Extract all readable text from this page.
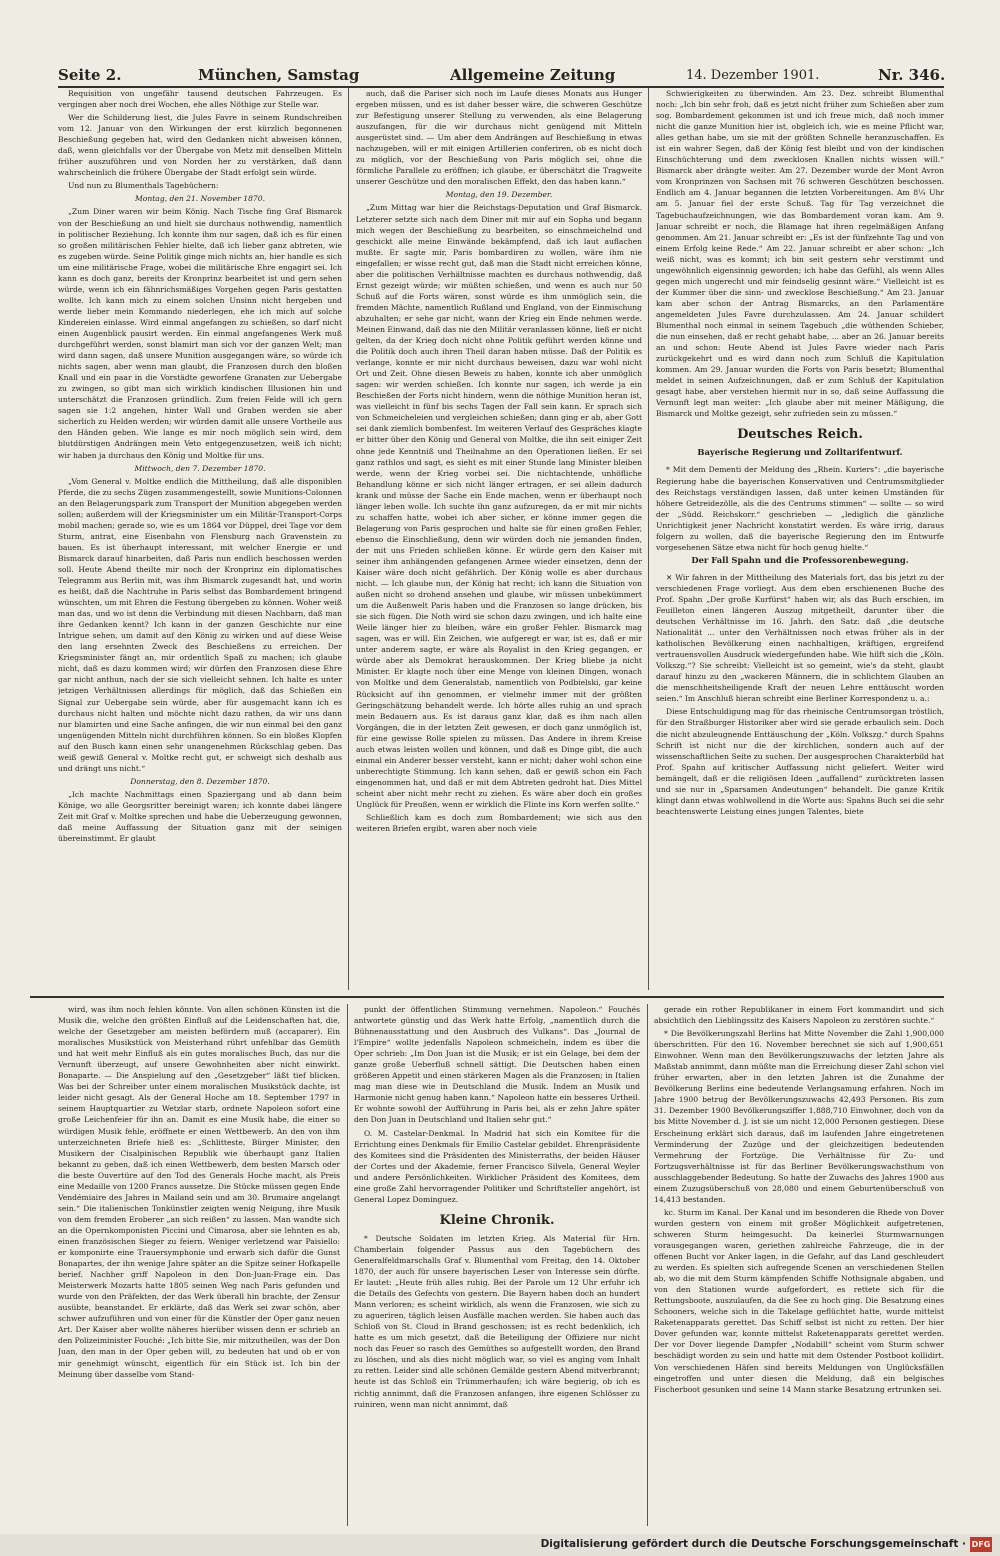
Seite 2.	München, Samstag	Allgemeine Zeitung	14. Dezember 1901.	Nr. 346.

Requisition von ungefähr tausend deutschen Fahrzeugen. Es vergingen aber noch drei Wochen, ehe alles Nöthige zur Stelle war.

Wer die Schilderung liest, die Jules Favre in seinem Rundschreiben vom 12. Januar von den Wirkungen der erst kürzlich begonnenen Beschießung gegeben hat, wird den Gedanken nicht abweisen können, daß, wenn gleichfalls vor der Übergabe von Metz mit denselben Mitteln früher auszuführen und von Norden her zu verstärken, daß dann wahrscheinlich die frühere Übergabe der Stadt erfolgt sein würde.

Und nun zu Blumenthals Tagebüchern:

Montag, den 21. November 1870.

„Zum Diner waren wir beim König. Nach Tische fing Graf Bismarck von der Beschießung an und hielt sie durchaus nothwendig, namentlich in politischer Beziehung. Ich konnte ihm nur sagen, daß ich es für einen so großen militärischen Fehler hielte, daß ich lieber ganz abtreten, wie es zugeben würde. Seine Politik ginge mich nichts an, hier handle es sich um eine militärische Frage, wobei die militärische Ehre engagirt sei. Ich kann es doch ganz, bereits der Kronprinz bearbeitet ist und gern sehen würde, wenn ich ein fähnrichsmäßiges Vorgehen gegen Paris gestatten wollte. Ich kann mich zu einem solchen Unsinn nicht hergeben und werde lieber mein Kommando niederlegen, ehe ich mich auf solche Kindereien einlasse. Wird einmal angefangen zu schießen, so darf nicht einen Augenblick pausirt werden. Ein einmal angefangenes Werk muß durchgeführt werden, sonst blamirt man sich vor der ganzen Welt; man wird dann sagen, daß unsere Munition ausgegangen wäre, so würde ich nichts sagen, aber wenn man glaubt, die Franzosen durch den bloßen Knall und ein paar in die Vorstädte geworfene Granaten zur Uebergabe zu zwingen, so gibt man sich wirklich kindischen Illusionen hin und unterschätzt die Franzosen gründlich. Zum freien Felde will ich gern sagen sie 1:2 angehen, hinter Wall und Graben werden sie aber sicherlich zu Helden werden; wir würden damit alle unsere Vortheile aus den Händen geben. Wie lange es mir noch möglich sein wird, dem blutdürstigen Andrängen mein Veto entgegenzusetzen, weiß ich nicht; wir haben ja durchaus den König und Moltke für uns.

Mittwoch, den 7. Dezember 1870.

„Vom General v. Moltke endlich die Mittheilung, daß alle disponiblen Pferde, die zu sechs Zügen zusammengestellt, sowie Munitions-Colonnen an den Belagerungspark zum Transport der Munition abgegeben werden sollen; außerdem will der Kriegsminister um ein Militär-Transport-Corps mobil machen; gerade so, wie es um 1864 vor Düppel, drei Tage vor dem Sturm, antrat, eine Eisenbahn von Flensburg nach Gravenstein zu bauen. Es ist überhaupt interessant, mit welcher Energie er und Bismarck darauf hinarbeiten, daß Paris nun endlich beschossen werden soll. Heute Abend theilte mir noch der Kronprinz ein diplomatisches Telegramm aus Berlin mit, was ihm Bismarck zugesandt hat, und worin es heißt, daß die Nachtruhe in Paris selbst das Bombardement bringend wünschten, um mit Ehren die Festung übergeben zu können. Woher weiß man das, und wo ist denn die Verbindung mit diesen Nachbarn, daß man ihre Gedanken kennt? Ich kann in der ganzen Geschichte nur eine Intrigue sehen, um damit auf den König zu wirken und auf diese Weise den lang ersehnten Zweck des Beschießens zu erreichen. Der Kriegsminister fängt an, mir ordentlich Spaß zu machen; ich glaube nicht, daß es dazu kommen wird; wir dürfen den Franzosen diese Ehre gar nicht anthun, nach der sie sich vielleicht sehnen. Ich halte es unter jetzigen Verhältnissen allerdings für möglich, daß das Schießen ein Signal zur Uebergabe sein würde, aber für ausgemacht kann ich es durchaus nicht halten und möchte nicht dazu rathen, da wir uns dann nur blamirten und eine Sache anfingen, die wir nun einmal bei den ganz ungenügenden Mitteln nicht durchführen können. So ein bloßes Klopfen auf den Busch kann einen sehr unangenehmen Rückschlag geben. Das weiß gewiß General v. Moltke recht gut, er schweigt sich deshalb aus und drängt uns nicht.“

Donnerstag, den 8. Dezember 1870.

„Ich machte Nachmittags einen Spaziergang und ab dann beim Könige, wo alle Georgsritter bereinigt waren; ich konnte dabei längere Zeit mit Graf v. Moltke sprechen und habe die Ueberzeugung gewonnen, daß meine Auffassung der Situation ganz mit der seinigen übereinstimmt. Er glaubt

auch, daß die Pariser sich noch im Laufe dieses Monats aus Hunger ergeben müssen, und es ist daher besser wäre, die schweren Geschütze zur Befestigung unserer Stellung zu verwenden, als eine Belagerung auszufangen, für die wir durchaus nicht genügend mit Mitteln ausgerüstet sind. — Um aber dem Andrängen auf Beschießung in etwas nachzugeben, will er mit einigen Artillerien conferiren, ob es nicht doch zu möglich, vor der Beschießung von Paris möglich sei, ohne die förmliche Parallele zu eröffnen; ich glaube, er überschätzt die Tragweite unserer Geschütze und den moralischen Effekt, den das haben kann.“

Montag, den 19. Dezember.

„Zum Mittag war hier die Reichstags-Deputation und Graf Bismarck. Letzterer setzte sich nach dem Diner mit mir auf ein Sopha und begann mich wegen der Beschießung zu bearbeiten, so einschmeichelnd und geschickt alle meine Einwände bekämpfend, daß ich laut auflachen mußte. Er sagte mir, Paris bombardiren zu wollen, wäre ihm nie eingefallen; er wisse recht gut, daß man die Stadt nicht erreichen könne, aber die politischen Verhältnisse machten es durchaus nothwendig, daß Ernst gezeigt würde; wir müßten schießen, und wenn es auch nur 50 Schuß auf die Forts wären, sonst würde es ihm unmöglich sein, die fremden Mächte, namentlich Rußland und England, von der Einmischung abzuhalten; er sehe gar nicht, wann der Krieg ein Ende nehmen werde. Meinen Einwand, daß das nie den Militär veranlassen könne, ließ er nicht gelten, da der Krieg doch nicht ohne Politik geführt werden könne und die Politik doch auch ihren Theil daran haben müsse. Daß der Politik es verlange, konnte er mir nicht durchaus beweisen, dazu war wohl nicht Ort und Zeit. Ohne diesen Beweis zu haben, konnte ich aber unmöglich sagen: wir werden schießen. Ich konnte nur sagen, ich werde ja ein Beschießen der Forts nicht hindern, wenn die nöthige Munition heran ist, was vielleicht in fünf bis sechs Tagen der Fall sein kann. Er sprach sich von Schmeicheleien und vergleichen schießen; dann ging er ab, aber Gott sei dank ziemlich bombenfest. Im weiteren Verlauf des Gespräches klagte er bitter über den König und General von Moltke, die ihn seit einiger Zeit ohne jede Kenntniß und Theilnahme an den Operationen ließen. Er sei ganz rathlos und sagt, es sieht es mit einer Stunde lang Minister bleiben werde, wenn der Krieg vorbei sei. Die nichtachtende, unhöfliche Behandlung könne er sich nicht länger ertragen, er sei allein dadurch krank und müsse der Sache ein Ende machen, wenn er überhaupt noch länger leben wolle. Ich suchte ihn ganz aufzuregen, da er mit mir nichts zu schaffen hatte, wobei ich aber sicher, er könne immer gegen die Belagerung von Paris gesprochen und halte sie für einen großen Fehler, ebenso die Einschließung, denn wir würden doch nie jemanden finden, der mit uns Frieden schließen könne. Er würde gern den Kaiser mit seiner ihm anhängenden gefangenen Armee wieder einsetzen, denn der Kaiser wäre doch nicht gefährlich. Der König wolle es aber durchaus nicht. — Ich glaube nun, der König hat recht; ich kann die Situation von außen nicht so drohend ansehen und glaube, wir müssen unbekümmert um die Außenwelt Paris haben und die Franzosen so lange drücken, bis sie sich fügen. Die Noth wird sie schon dazu zwingen, und ich halte eine Weile länger hier zu bleiben, wäre ein großer Fehler. Bismarck mag sagen, was er will. Ein Zeichen, wie aufgeregt er war, ist es, daß er mir unter anderem sagte, er wäre als Royalist in den Krieg gegangen, er würde aber als Demokrat herauskommen. Der Krieg bliebe ja nicht Minister. Er klagte noch über eine Menge von kleinen Dingen, wonach von Moltke und dem Generalstab, namentlich von Podbielski, gar keine Rücksicht auf ihn genommen, er vielmehr immer mit der größten Geringschätzung behandelt werde. Ich hörte alles ruhig an und sprach mein Bedauern aus. Es ist daraus ganz klar, daß es ihm nach allen Vorgängen, die in der letzten Zeit gewesen, er doch ganz unmöglich ist, für eine gewisse Rolle spielen zu müssen. Das Andere in ihrem Kreise auch etwas leisten wollen und können, und daß es Dinge gibt, die auch einmal ein Anderer besser versteht, kann er nicht; daher wohl schon eine unberechtigte Stimmung. Ich kann sehen, daß er gewiß schon ein Fach eingenommen hat, und daß er mit dem Abtreten gedroht hat. Dies Mittel scheint aber nicht mehr recht zu ziehen. Es wäre aber doch ein großes Unglück für Preußen, wenn er wirklich die Flinte ins Korn werfen sollte.“

Schließlich kam es doch zum Bombardement; wie sich aus den weiteren Briefen ergibt, waren aber noch viele

Schwierigkeiten zu überwinden. Am 23. Dez. schreibt Blumenthal noch: „Ich bin sehr froh, daß es jetzt nicht früher zum Schießen aber zum sog. Bombardement gekommen ist und ich freue mich, daß noch immer nicht die ganze Munition hier ist, obgleich ich, wie es meine Pflicht war, alles gethan habe, um sie mit der größten Schnelle heranzuschaffen. Es ist ein wahrer Segen, daß der König fest bleibt und von der kindischen Einschüchterung und dem zwecklosen Knallen nichts wissen will.“ Bismarck aber drängte weiter. Am 27. Dezember wurde der Mont Avron vom Kronprinzen von Sachsen mit 76 schweren Geschützen beschossen. Endlich am 4. Januar begannen die letzten Vorbereitungen. Am 8¼ Uhr am 5. Januar fiel der erste Schuß. Tag für Tag verzeichnet die Tagebuchaufzeichnungen, wie das Bombardement voran kam. Am 9. Januar schreibt er noch, die Blamage hat ihren regelmäßigen Anfang genommen. Am 21. Januar schreibt er: „Es ist der fünfzehnte Tag und von einem Erfolg keine Rede.“ Am 22. Januar schreibt er aber schon: „Ich weiß nicht, was es kommt; ich bin seit gestern sehr verstimmt und ungewöhnlich eigensinnig geworden; ich habe das Gefühl, als wenn Alles gegen mich ungerecht und mir feindselig gesinnt wäre.“ Vielleicht ist es der Kummer über die sinn- und zwecklose Beschießung.“ Am 23. Januar kam aber schon der Antrag Bismarcks, an den Parlamentäre angemeldeten Jules Favre durchzulassen. Am 24. Januar schildert Blumenthal noch einmal in seinem Tagebuch „die wüthenden Schieber, die nun einsehen, daß er recht gehabt habe, ... aber an 26. Januar bereits an und schon: Heute Abend ist Jules Favre wieder nach Paris zurückgekehrt und es wird dann noch zum Schluß die Kapitulation kommen. Am 29. Januar wurden die Forts von Paris besetzt; Blumenthal meldet in seinen Aufzeichnungen, daß er zum Schluß der Kapitulation gesagt habe, aber verstehen hiermit nur in so, daß seine Auffassung die Vernunft legt man weiter: „Ich glaube aber mit meiner Mäßigung, die Bismarck und Moltke gezeigt, sehr zufrieden sein zu müssen.“

Deutsches Reich.

Bayerische Regierung und Zolltarifentwurf.

* Mit dem Dementi der Meldung des „Rhein. Kuriers“: „die bayerische Regierung habe die bayerischen Konservativen und Centrumsmitglieder des Reichstags verständigen lassen, daß unter keinen Umständen für höhere Getreidezölle, als die des Centrums stimmen“ — sollte — so wird der „Südd. Reichskorr.“ geschrieben — „lediglich die gänzliche Unrichtigkeit jener Nachricht konstatirt werden. Es wäre irrig, daraus folgern zu wollen, daß die bayerische Regierung den im Entwurfe vorgesehenen Sätze etwa nicht für hoch genug hielte.“

Der Fall Spahn und die Professorenbewegung.

✕ Wir fahren in der Mittheilung des Materials fort, das bis jetzt zu der verschiedenen Frage vorliegt. Aus dem eben erschienenen Buche des Prof. Spahn „Der große Kurfürst“ haben wir, als das Buch erschien, im Feuilleton einen längeren Auszug mitgetheilt, darunter über die deutschen Verhältnisse im 16. Jahrh. den Satz: daß „die deutsche Nationalität ... unter den Verhältnissen noch etwas früher als in der katholischen Bevölkerung einen nachhaltigen, kräftigen, ergreifend vertrauensvollen Ausdruck wiedergefunden habe. Wie hilft sich die „Köln. Volkszg.“? Sie schreibt: Vielleicht ist so gemeint, wie's da steht, glaubt darauf hinzu zu den „wackeren Männern, die in schlichtem Glauben an die menschheitsheiligende Kraft der neuen Lehre enttäuscht worden seien.“ Im Anschluß hieran schreibt eine Berliner Korrespondenz u. a.:

Diese Entschuldigung mag für das rheinische Centrumsorgan tröstlich, für den Straßburger Historiker aber wird sie gerade erbaulich sein. Doch die nicht abzuleugnende Enttäuschung der „Köln. Volkszg.“ durch Spahns Schrift ist nicht nur die der kirchlichen, sondern auch auf der wissenschaftlichen Seite zu suchen. Der ausgesprochen Charakterbild hat Prof. Spahn auf kritischer Auffassung nicht geliefert. Weiter wird bemängelt, daß er die religiösen Ideen „auffallend“ zurücktreten lassen und sie nur in „Sparsamen Andeutungen“ behandelt. Die ganze Kritik klingt dann etwas wohlwollend in die Worte aus: Spahns Buch sei die sehr beachtenswerte Leistung eines jungen Talentes, biete

wird, was ihm noch fehlen könnte. Von allen schönen Künsten ist die Musik die, welche den größten Einfluß auf die Leidenschaften hat, die, welche der Gesetzgeber am meisten befördern muß (accaparer). Ein moralisches Musikstück von Meisterhand rührt unfehlbar das Gemüth und hat weit mehr Einfluß als ein gutes moralisches Buch, das nur die Vernunft überzeugt, auf unsere Gewohnheiten aber nicht einwirkt. Bonaparte. — Die Anspielung auf den „Gesetzgeber“ läßt tief blicken. Was bei der Schreiber unter einem moralischen Musikstück dachte, ist leider nicht gesagt. Als der General Hoche am 18. September 1797 in seinem Hauptquartier zu Wetzlar starb, ordnete Napoleon sofort eine große Leichenfeier für ihn an. Damit es eine Musik habe, die einer so würdigen Musik fehle, eröffnete er einen Wettbewerb. An den von ihm unterzeichneten Briefe hieß es: „Schlitteste, Bürger Minister, den Musikern der Cisalpinischen Republik wie überhaupt ganz Italien bekannt zu geben, daß ich einen Wettbewerb, dem besten Marsch oder die beste Ouvertüre auf den Tod des Generals Hoche macht, als Preis eine Medaille von 1200 Francs aussetze. Die Stücke müssen gegen Ende Vendémiaire des Jahres in Mailand sein und am 30. Brumaire angelangt sein.“ Die italienischen Tonkünstler zeigten wenig Neigung, ihre Musik von dem fremden Eroberer „an sich reißen“ zu lassen. Man wandte sich an die Opernkomponisten Piccini und Cimarosa, aber sie lehnten es ab, einen französischen Sieger zu feiern. Weniger verletzend war Paisiello: er komponirte eine Trauersymphonie und erwarb sich dafür die Gunst Bonapartes, der ihn wenige Jahre später an die Spitze seiner Hofkapelle berief. Nachher griff Napoleon in den Don-Juan-Frage ein. Das Meisterwerk Mozarts hatte 1805 seinen Weg nach Paris gefunden und wurde von den Präfekten, der das Werk überall hin brachte, der Zensur ausübte, beanstandet. Er erklärte, daß das Werk sei zwar schön, aber schwer aufzuführen und von einer für die Künstler der Oper ganz neuen Art. Der Kaiser aber wollte näheres hierüber wissen denn er schrieb an den Polizeiminister Fouché: „Ich bitte Sie, mir mitzutheilen, was der Don Juan, den man in der Oper geben will, zu bedeuten hat und ob er von mir genehmigt wünscht, eigentlich für ein Stück ist. Ich bin der Meinung über dasselbe vom Stand-

punkt der öffentlichen Stimmung vernehmen. Napoleon.“ Fouchés antwortete günstig und das Werk hatte Erfolg, „namentlich durch die Bühnenausstattung und den Ausbruch des Vulkans“. Das „Journal de l'Empire“ wollte jedenfalls Napoleon schmeicheln, indem es über die Oper schrieb: „Im Don Juan ist die Musik; er ist ein Gelage, bei dem der ganze große Ueberfluß schnell sättigt. Die Deutschen haben einen größeren Appetit und einen stärkeren Magen als die Franzosen; in Italien mag man diese wie in Deutschland die Musik. Indem an Musik und Harmonie nicht genug haben kann.“ Napoleon hatte ein besseres Urtheil. Er wohnte sowohl der Aufführung in Paris bei, als er zehn Jahre später den Don Juan in Deutschland und Italien sehr gut.“

O. M. Castelar-Denkmal. In Madrid hat sich ein Komitee für die Errichtung eines Denkmals für Emilio Castelar gebildet. Ehrenpräsidente des Komitees sind die Präsidenten des Ministerraths, der beiden Häuser der Cortes und der Akademie, ferner Francisco Silvela, General Weyler und andere Persönlichkeiten. Wirklicher Präsident des Komitees, dem eine große Zahl hervorragender Politiker und Schriftsteller angehört, ist General Lopez Dominguez.

Kleine Chronik.

* Deutsche Soldaten im letzten Krieg. Als Material für Hrn. Chamberlain folgender Passus aus den Tagebüchern des Generalfeldmarschalls Graf v. Blumenthal vom Freitag, den 14. Oktober 1870, der auch für unsere bayerischen Leser von Interesse sein dürfte. Er lautet: „Heute früh alles ruhig. Bei der Parole um 12 Uhr erfuhr ich die Details des Gefechts von gestern. Die Bayern haben doch an hundert Mann verloren; es scheint wirklich, als wenn die Franzosen, wie sich zu zu agueriren, täglich leisen Ausfälle machen werden. Sie haben auch das Schloß von St. Cloud in Brand geschossen; ist es recht bedenklich, ich hatte es um mich gesetzt, daß die Beteiligung der Offiziere nur nicht noch das Feuer so rasch des Gemüthes so aufgestellt worden, den Brand zu löschen, und als dies nicht möglich war, so viel es anging vom Inhalt zu retten. Leider sind alle schönen Gemälde gestern Abend mitverbrannt; heute ist das Schloß ein Trümmerhaufen; ich wäre begierig, ob ich es richtig annimmt, daß die Franzosen anfangen, ihre eigenen Schlösser zu ruiniren, wenn man nicht annimmt, daß

gerade ein rother Republikaner in einem Fort kommandirt und sich absichtlich den Lieblingssitz des Kaisers Napoleon zu zerstören suchte.“

* Die Bevölkerungszahl Berlins hat Mitte November die Zahl 1,900,000 überschritten. Für den 16. November berechnet sie sich auf 1,900,651 Einwohner. Wenn man den Bevölkerungszuwachs der letzten Jahre als Maßstab annimmt, dann müßte man die Erreichung dieser Zahl schon viel früher erwarten, aber in den letzten Jahren ist die Zunahme der Bevölkerung Berlins eine bedeutende Verlangsamung erfahren. Noch im Jahre 1900 betrug der Bevölkerungszuwachs 42,493 Personen. Bis zum 31. Dezember 1900 Bevölkerungsziffer 1,888,710 Einwohner, doch von da bis Mitte November d. J. ist sie um nicht 12,000 Personen gestiegen. Diese Erscheinung erklärt sich daraus, daß im laufenden Jahre eingetretenen Verminderung der Zuzüge und der gleichzeitigen bedeutenden Vermehrung der Fortzüge. Die Verhältnisse für Zu- und Fortzugsverhältnisse ist für das Berliner Bevölkerungswachsthum von ausschlaggebender Bedeutung. So hatte der Zuwachs des Jahres 1900 aus einem Zuzugsüberschuß von 28,080 und einem Geburtenüberschuß von 14,413 bestanden.

kc. Sturm im Kanal. Der Kanal und im besonderen die Rhede von Dover wurden gestern von einem mit großer Möglichkeit aufgetretenen, schweren Sturm heimgesucht. Da keinerlei Sturmwarnungen vorausgegangen waren, geriethen zahlreiche Fahrzeuge, die in der offenen Bucht vor Anker lagen, in die Gefahr, auf das Land geschleudert zu werden. Es spielten sich aufregende Scenen an verschiedenen Stellen ab, wo die mit dem Sturm kämpfenden Schiffe Nothsignale abgaben, und von den Stationen wurde aufgefordert, es rettete sich für die Rettungsboote, auszulaufen, da die See zu hoch ging. Die Besatzung eines Schooners, welche sich in die Takelage geflüchtet hatte, wurde mittelst Raketenapparats gerettet. Das Schiff selbst ist nicht zu retten. Der hier Dover gefunden war, konnte mittelst Raketenapparats gerettet werden. Der vor Dover liegende Dampfer „Nodabill“ scheint vom Sturm schwer beschädigt worden zu sein und hatte mit dem Ostender Postboot kollidirt. Von verschiedenen Häfen sind bereits Meldungen von Unglücksfällen eingetroffen und unter diesen die Meldung, daß ein belgisches Fischerboot gesunken und seine 14 Mann starke Besatzung ertrunken sei.

Digitalisierung gefördert durch die Deutsche Forschungsgemeinschaft · DFG
